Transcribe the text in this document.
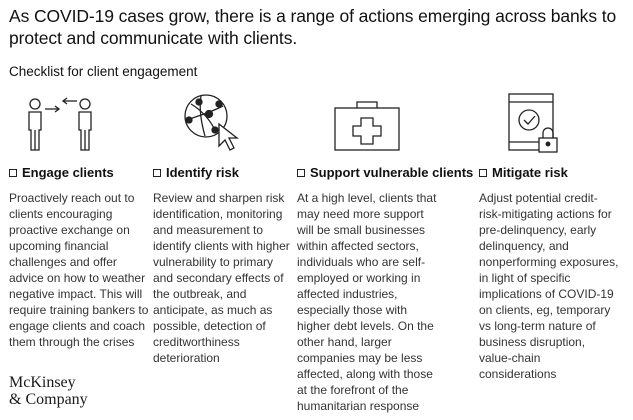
As COVID-19 cases grow, there is a range of actions emerging across banks to protect and communicate with clients.
Checklist for client engagement
Engage clients
Proactively reach out to clients encouraging proactive exchange on upcoming financial challenges and offer advice on how to weather negative impact. This will require training bankers to engage clients and coach them through the crises
Identify risk
Review and sharpen risk identification, monitoring and measurement to identify clients with higher vulnerability to primary and secondary effects of the outbreak, and anticipate, as much as possible, detection of creditworthiness deterioration
Support vulnerable clients
At a high level, clients that may need more support will be small businesses within affected sectors, individuals who are self-employed or working in affected industries, especially those with higher debt levels. On the other hand, larger companies may be less affected, along with those at the forefront of the humanitarian response
Mitigate risk
Adjust potential credit-risk-mitigating actions for pre-delinquency, early delinquency, and nonperforming exposures, in light of specific implications of COVID-19 on clients, eg, temporary vs long-term nature of business disruption, value-chain considerations
McKinsey
& Company
